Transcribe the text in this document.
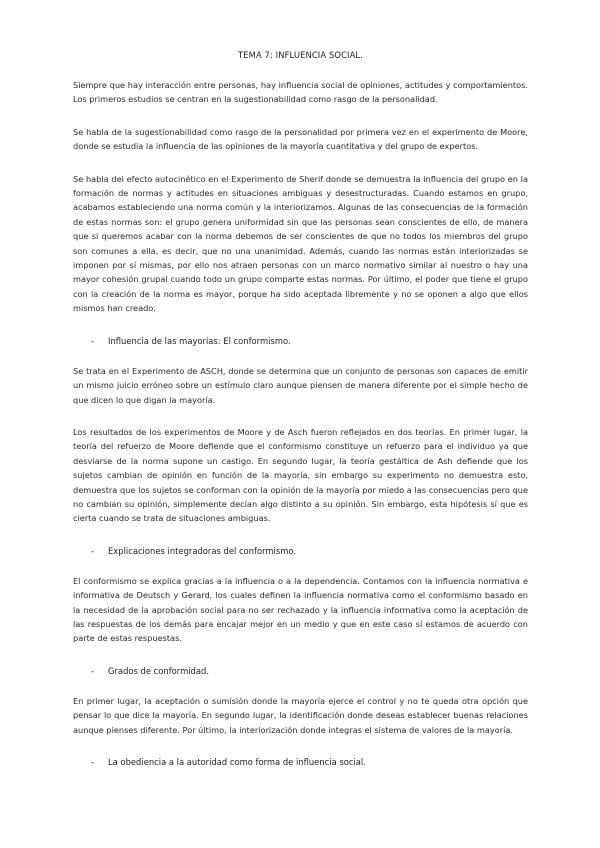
TEMA 7: INFLUENCIA SOCIAL.

Siempre que hay interacción entre personas, hay influencia social de opiniones, actitudes y comportamientos. Los primeros estudios se centran en la sugestionabilidad como rasgo de la personalidad.

Se habla de la sugestionabilidad como rasgo de la personalidad por primera vez en el experimento de Moore, donde se estudia la influencia de las opiniones de la mayoría cuantitativa y del grupo de expertos.

Se habla del efecto autocinético en el Experimento de Sherif donde se demuestra la influencia del grupo en la formación de normas y actitudes en situaciones ambiguas y desestructuradas. Cuando estamos en grupo, acabamos estableciendo una norma común y la interiorizamos. Algunas de las consecuencias de la formación de estas normas son: el grupo genera uniformidad sin que las personas sean conscientes de ello, de manera que si queremos acabar con la norma debemos de ser conscientes de que no todos los miembros del grupo son comunes a ella, es decir, que no una unanimidad. Además, cuando las normas están interiorizadas se imponen por sí mismas, por ello nos atraen personas con un marco normativo similar al nuestro o hay una mayor cohesión grupal cuando todo un grupo comparte estas normas. Por último, el poder que tiene el grupo con la creación de la norma es mayor, porque ha sido aceptada libremente y no se oponen a algo que ellos mismos han creado.

- Influencia de las mayorías: El conformismo.

Se trata en el Experimento de ASCH, donde se determina que un conjunto de personas son capaces de emitir un mismo juicio erróneo sobre un estímulo claro aunque piensen de manera diferente por el simple hecho de que dicen lo que digan la mayoría.

Los resultados de los experimentos de Moore y de Asch fueron reflejados en dos teorías. En primer lugar, la teoría del refuerzo de Moore defiende que el conformismo constituye un refuerzo para el individuo ya que desviarse de la norma supone un castigo. En segundo lugar, la teoría gestáltica de Ash defiende que los sujetos cambian de opinión en función de la mayoría, sin embargo su experimento no demuestra esto, demuestra que los sujetos se conforman con la opinión de la mayoría por miedo a las consecuencias pero que no cambian su opinión, simplemente decían algo distinto a su opinión. Sin embargo, esta hipótesis sí que es cierta cuando se trata de situaciones ambiguas.

- Explicaciones integradoras del conformismo.

El conformismo se explica gracias a la influencia o a la dependencia. Contamos con la influencia normativa e informativa de Deutsch y Gerard, los cuales definen la influencia normativa como el conformismo basado en la necesidad de la aprobación social para no ser rechazado y la influencia informativa como la aceptación de las respuestas de los demás para encajar mejor en un medio y que en este caso sí estamos de acuerdo con parte de estas respuestas.

- Grados de conformidad.

En primer lugar, la aceptación o sumisión donde la mayoría ejerce el control y no te queda otra opción que pensar lo que dice la mayoría. En segundo lugar, la identificación donde deseas establecer buenas relaciones aunque pienses diferente. Por último, la interiorización donde integras el sistema de valores de la mayoría.

- La obediencia a la autoridad como forma de influencia social.
